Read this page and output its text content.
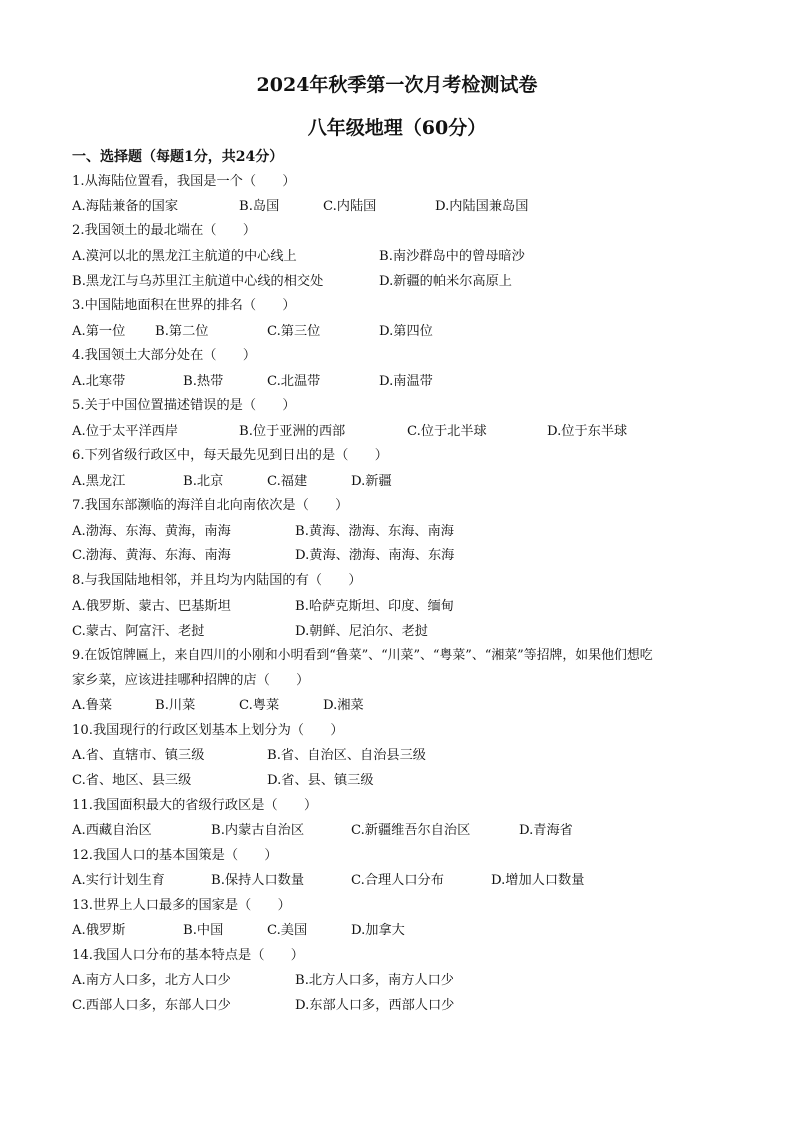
2024年秋季第一次月考检测试卷
八年级地理（60分）
一、选择题（每题1分，共24分）
1.从海陆位置看，我国是一个（　　）
A.海陆兼备的国家	B.岛国	C.内陆国	D.内陆国兼岛国
2.我国领土的最北端在（　　）
A.漠河以北的黑龙江主航道的中心线上	B.南沙群岛中的曾母暗沙
B.黑龙江与乌苏里江主航道中心线的相交处	D.新疆的帕米尔高原上
3.中国陆地面积在世界的排名（　　）
A.第一位 B.第二位	C.第三位	D.第四位
4.我国领土大部分处在（　　）
A.北寒带	B.热带	C.北温带	D.南温带
5.关于中国位置描述错误的是（　　）
A.位于太平洋西岸	B.位于亚洲的西部	C.位于北半球	D.位于东半球
6.下列省级行政区中，每天最先见到日出的是（　　）
A.黑龙江	B.北京	C.福建	D.新疆
7.我国东部濒临的海洋自北向南依次是（　　）
A.渤海、东海、黄海，南海	B.黄海、渤海、东海、南海
C.渤海、黄海、东海、南海	D.黄海、渤海、南海、东海
8.与我国陆地相邻，并且均为内陆国的有（　　）
A.俄罗斯、蒙古、巴基斯坦	B.哈萨克斯坦、印度、缅甸
C.蒙古、阿富汗、老挝	D.朝鲜、尼泊尔、老挝
9.在饭馆牌匾上，来自四川的小刚和小明看到“鲁菜”、“川菜”、“粤菜”、“湘菜”等招牌，如果他们想吃
家乡菜，应该进挂哪种招牌的店（　　）
A.鲁菜	B.川菜	C.粤菜	D.湘菜
10.我国现行的行政区划基本上划分为（　　）
A.省、直辖市、镇三级	B.省、自治区、自治县三级
C.省、地区、县三级	D.省、县、镇三级
11.我国面积最大的省级行政区是（　　）
A.西藏自治区	B.内蒙古自治区	C.新疆维吾尔自治区	D.青海省
12.我国人口的基本国策是（　　）
A.实行计划生育	B.保持人口数量	C.合理人口分布	D.增加人口数量
13.世界上人口最多的国家是（　　）
A.俄罗斯	B.中国	C.美国	D.加拿大
14.我国人口分布的基本特点是（　　）
A.南方人口多，北方人口少	B.北方人口多，南方人口少
C.西部人口多，东部人口少	D.东部人口多，西部人口少
